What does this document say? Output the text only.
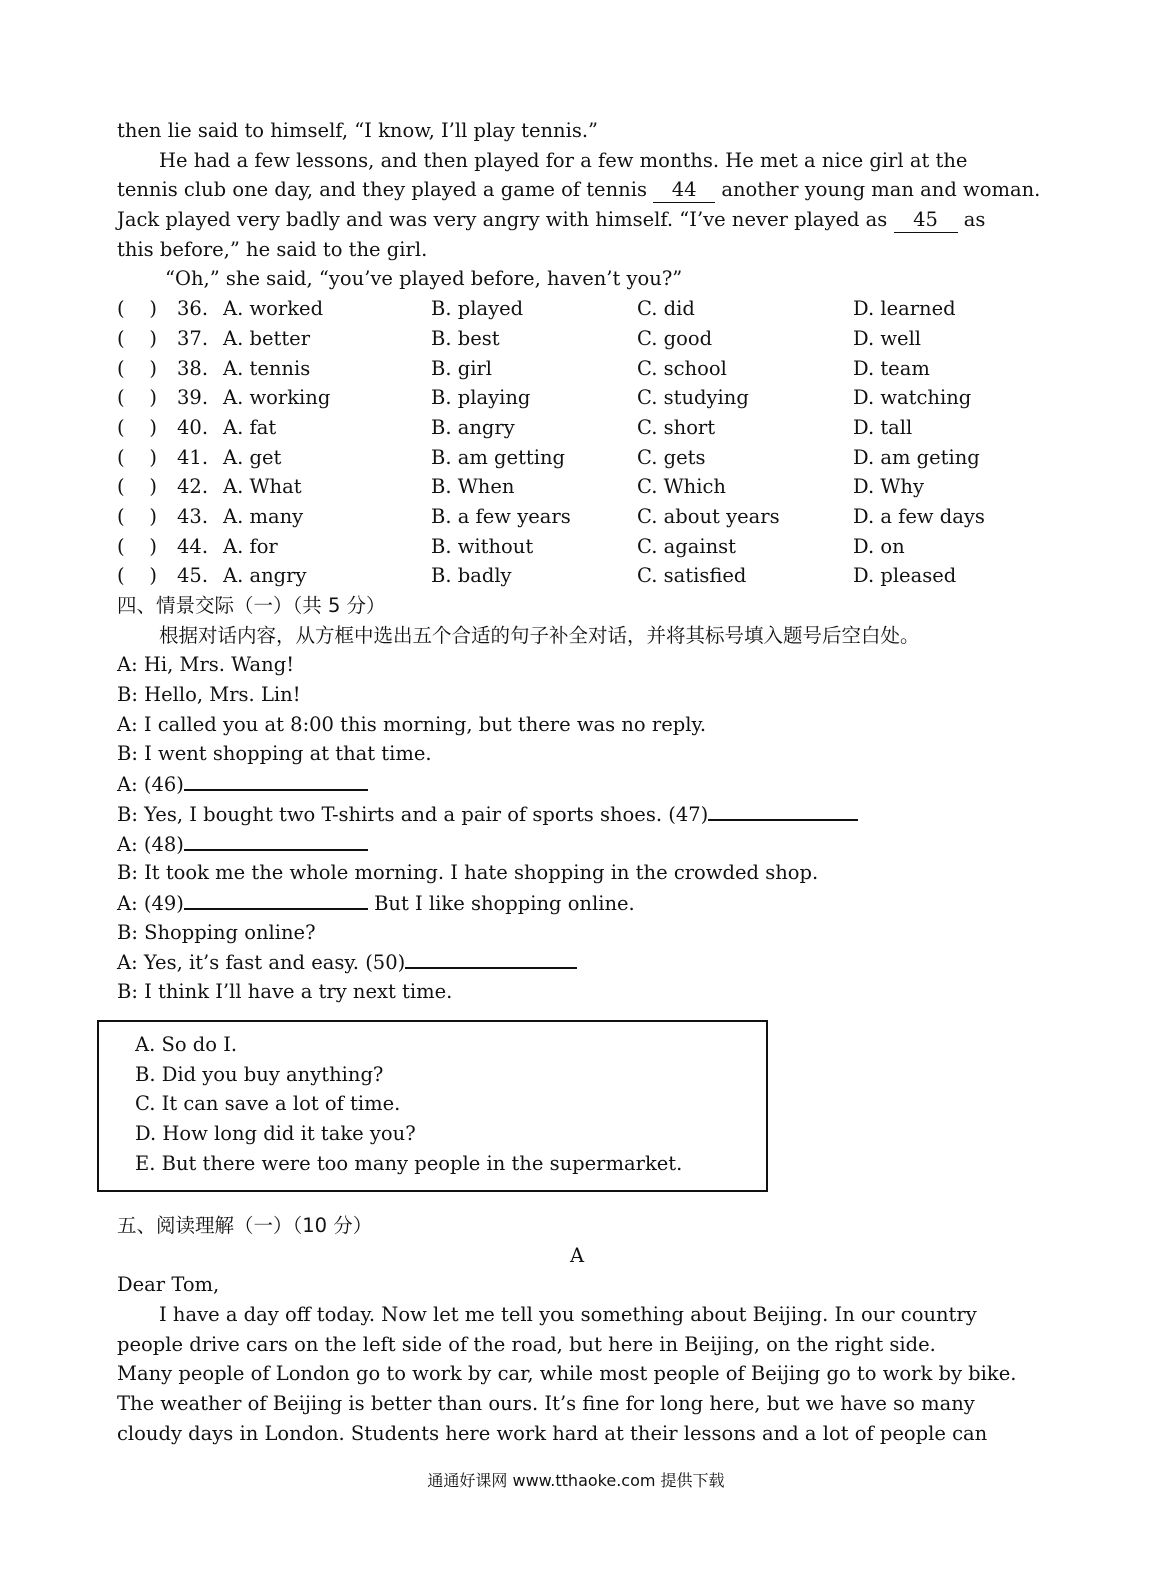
then lie said to himself, “I know, I’ll play tennis.”
He had a few lessons, and then played for a few months. He met a nice girl at the
tennis club one day, and they played a game of tennis 44 another young man and woman.
Jack played very badly and was very angry with himself. “I’ve never played as 45 as
this before,” he said to the girl.
“Oh,” she said, “you’ve played before, haven’t you?”
(    )	36. A. worked	B. played	C. did	D. learned
(    )	37. A. better	B. best	C. good	D. well
(    )	38. A. tennis	B. girl	C. school	D. team
(    )	39. A. working	B. playing	C. studying	D. watching
(    )	40. A. fat	B. angry	C. short	D. tall
(    )	41. A. get	B. am getting	C. gets	D. am geting
(    )	42. A. What	B. When	C. Which	D. Why
(    )	43. A. many	B. a few years	C. about years	D. a few days
(    )	44. A. for	B. without	C. against	D. on
(    )	45. A. angry	B. badly	C. satisfied	D. pleased
四、情景交际（一）（共 5 分）
根据对话内容，从方框中选出五个合适的句子补全对话，并将其标号填入题号后空白处。
A: Hi, Mrs. Wang!
B: Hello, Mrs. Lin!
A: I called you at 8:00 this morning, but there was no reply.
B: I went shopping at that time.
A: (46)
B: Yes, I bought two T-shirts and a pair of sports shoes. (47)
A: (48)
B: It took me the whole morning. I hate shopping in the crowded shop.
A: (49)	But I like shopping online.
B: Shopping online?
A: Yes, it’s fast and easy. (50)
B: I think I’ll have a try next time.
A. So do I.
B. Did you buy anything?
C. It can save a lot of time.
D. How long did it take you?
E. But there were too many people in the supermarket.
五、阅读理解（一）（10 分）
A
Dear Tom,
I have a day off today. Now let me tell you something about Beijing. In our country
people drive cars on the left side of the road, but here in Beijing, on the right side.
Many people of London go to work by car, while most people of Beijing go to work by bike.
The weather of Beijing is better than ours. It’s fine for long here, but we have so many
cloudy days in London. Students here work hard at their lessons and a lot of people can
通通好课网 www.tthaoke.com 提供下载
